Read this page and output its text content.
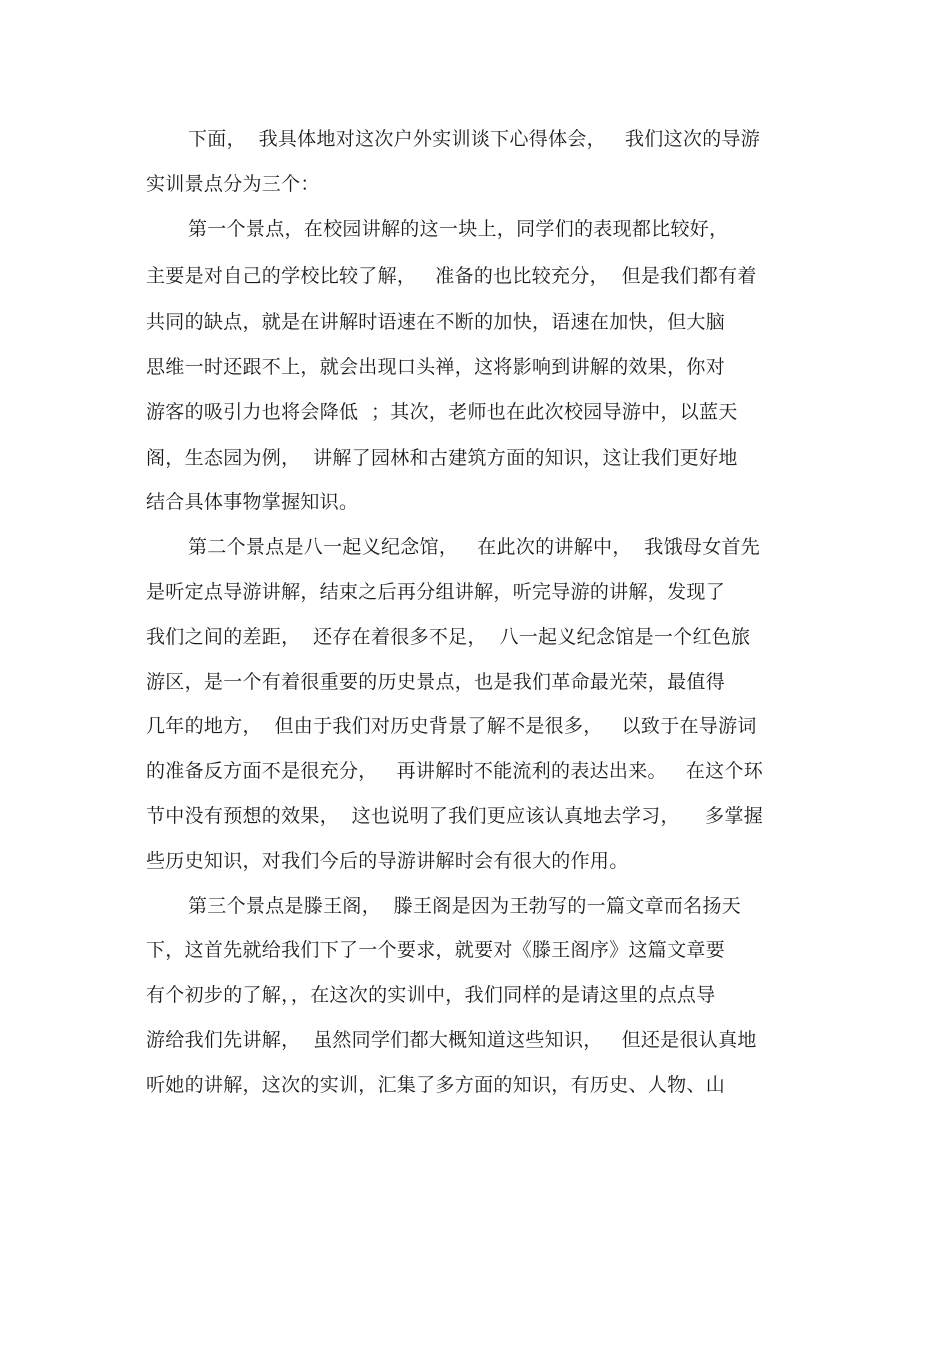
下面，  我具体地对这次户外实训谈下心得体会，   我们这次的导游
实训景点分为三个：
第一个景点，在校园讲解的这一块上，同学们的表现都比较好，
主要是对自己的学校比较了解，   准备的也比较充分，  但是我们都有着
共同的缺点，就是在讲解时语速在不断的加快，语速在加快，但大脑
思维一时还跟不上，就会出现口头禅，这将影响到讲解的效果，你对
游客的吸引力也将会降低  ；其次，老师也在此次校园导游中，以蓝天
阁，生态园为例，  讲解了园林和古建筑方面的知识，这让我们更好地
结合具体事物掌握知识。
第二个景点是八一起义纪念馆，   在此次的讲解中，  我饿母女首先
是听定点导游讲解，结束之后再分组讲解，听完导游的讲解，发现了
我们之间的差距，  还存在着很多不足，  八一起义纪念馆是一个红色旅
游区，是一个有着很重要的历史景点，也是我们革命最光荣，最值得
几年的地方，  但由于我们对历史背景了解不是很多，   以致于在导游词
的准备反方面不是很充分，   再讲解时不能流利的表达出来。   在这个环
节中没有预想的效果，  这也说明了我们更应该认真地去学习，    多掌握
些历史知识，对我们今后的导游讲解时会有很大的作用。
第三个景点是滕王阁，  滕王阁是因为王勃写的一篇文章而名扬天
下，这首先就给我们下了一个要求，就要对《滕王阁序》这篇文章要
有个初步的了解，，在这次的实训中，我们同样的是请这里的点点导
游给我们先讲解，  虽然同学们都大概知道这些知识，   但还是很认真地
听她的讲解，这次的实训，汇集了多方面的知识，有历史、人物、山
